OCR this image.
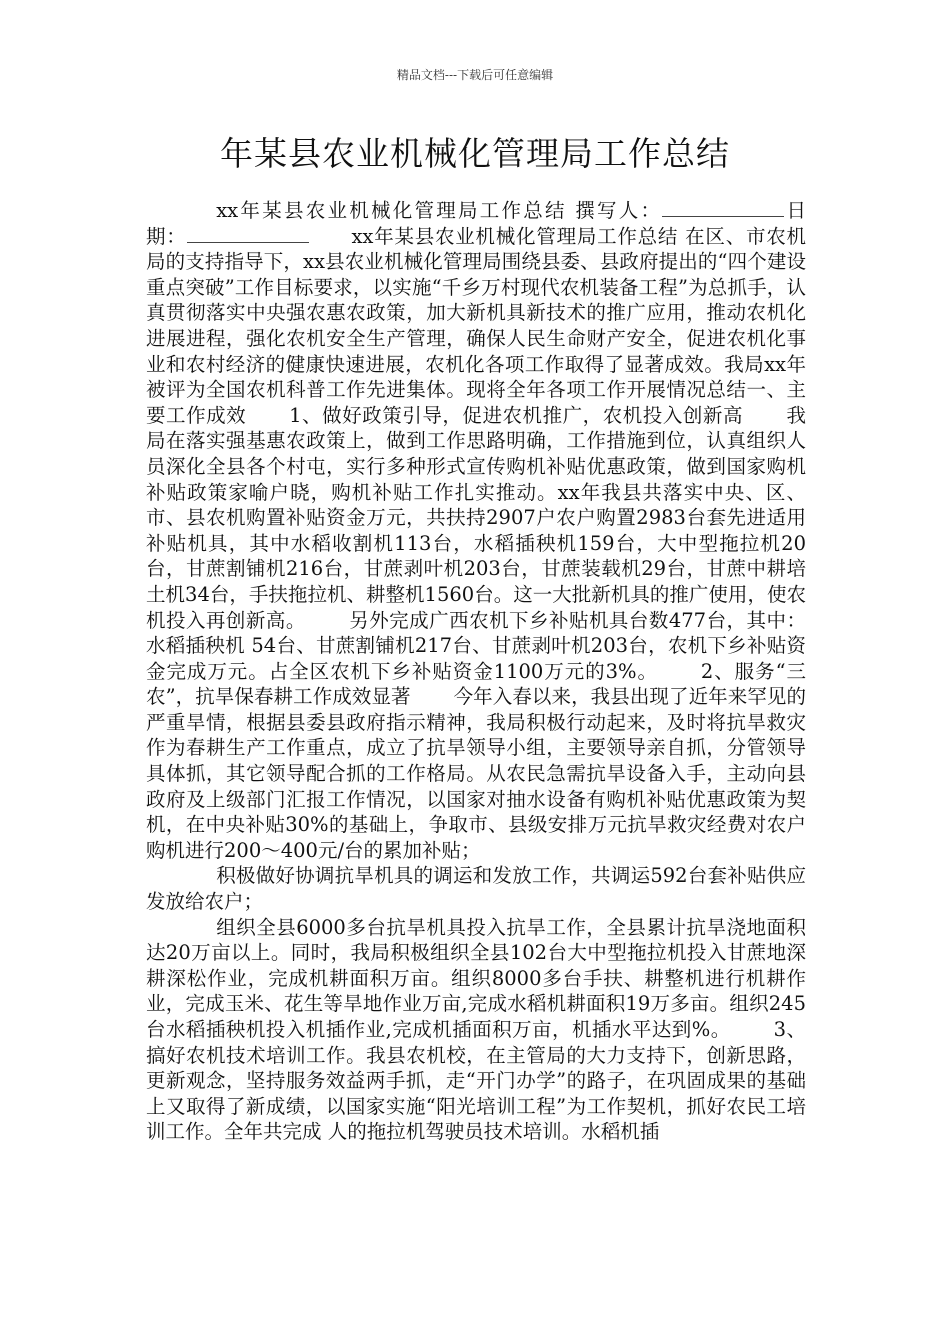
精品文档---下载后可任意编辑
年某县农业机械化管理局工作总结

xx年某县农业机械化管理局工作总结 撰写人：	日　期：	xx年某县农业机械化管理局工作总结 在区、市农机局的支持指导下，xx县农业机械化管理局围绕县委、县政府提出的“四个建设重点突破”工作目标要求，以实施“千乡万村现代农机装备工程”为总抓手，认真贯彻落实中央强农惠农政策，加大新机具新技术的推广应用，推动农机化进展进程，强化农机安全生产管理，确保人民生命财产安全，促进农机化事业和农村经济的健康快速进展，农机化各项工作取得了显著成效。我局xx年被评为全国农机科普工作先进集体。现将全年各项工作开展情况总结一、主要工作成效 1、做好政策引导，促进农机推广，农机投入创新高 我局在落实强基惠农政策上，做到工作思路明确，工作措施到位，认真组织人员深化全县各个村屯，实行多种形式宣传购机补贴优惠政策，做到国家购机补贴政策家喻户晓，购机补贴工作扎实推动。xx年我县共落实中央、区、市、县农机购置补贴资金万元，共扶持2907户农户购置2983台套先进适用补贴机具，其中水稻收割机113台，水稻插秧机159台，大中型拖拉机20台，甘蔗割铺机216台，甘蔗剥叶机203台，甘蔗装载机29台，甘蔗中耕培土机34台，手扶拖拉机、耕整机1560台。这一大批新机具的推广使用，使农机投入再创新高。 另外完成广西农机下乡补贴机具台数477台，其中：水稻插秧机 54台、甘蔗割铺机217台、甘蔗剥叶机203台，农机下乡补贴资金完成万元。占全区农机下乡补贴资金1100万元的3%。 2、服务“三农”，抗旱保春耕工作成效显著 今年入春以来，我县出现了近年来罕见的严重旱情，根据县委县政府指示精神，我局积极行动起来，及时将抗旱救灾作为春耕生产工作重点，成立了抗旱领导小组，主要领导亲自抓，分管领导具体抓，其它领导配合抓的工作格局。从农民急需抗旱设备入手，主动向县政府及上级部门汇报工作情况，以国家对抽水设备有购机补贴优惠政策为契机，在中央补贴30%的基础上，争取市、县级安排万元抗旱救灾经费对农户购机进行200～400元/台的累加补贴；

积极做好协调抗旱机具的调运和发放工作，共调运592台套补贴供应发放给农户；

组织全县6000多台抗旱机具投入抗旱工作，全县累计抗旱浇地面积达20万亩以上。同时，我局积极组织全县102台大中型拖拉机投入甘蔗地深耕深松作业，完成机耕面积万亩。组织8000多台手扶、耕整机进行机耕作业，完成玉米、花生等旱地作业万亩,完成水稻机耕面积19万多亩。组织245台水稻插秧机投入机插作业,完成机插面积万亩，机插水平达到%。 3、搞好农机技术培训工作。我县农机校，在主管局的大力支持下，创新思路，更新观念，坚持服务效益两手抓，走“开门办学”的路子，在巩固成果的基础上又取得了新成绩，以国家实施“阳光培训工程”为工作契机，抓好农民工培训工作。全年共完成 人的拖拉机驾驶员技术培训。水稻机插
